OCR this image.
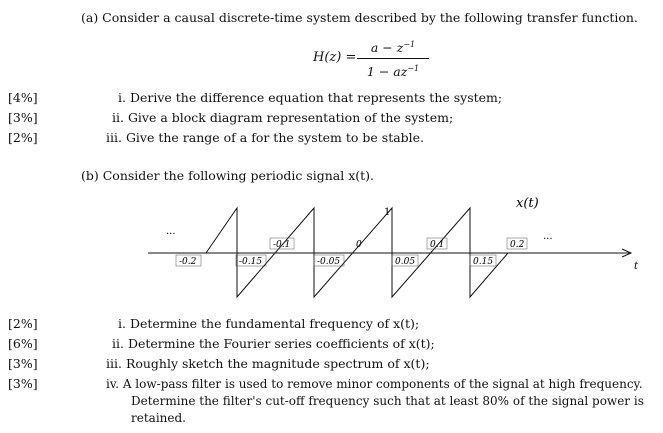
(a) Consider a causal discrete-time system described by the following transfer function.
H(z) =
$a - z^{-1}$
$1 - az^{-1}$
[4%]	i. Derive the difference equation that represents the system;
[3%]	ii. Give a block diagram representation of the system;
[2%]	iii. Give the range of a for the system to be stable.
(b) Consider the following periodic signal x(t).
t
-0.2	-0.15
-0.1
-0.05
0
0.05
0.1
0.15
0.2
1
x(t)
...	...
[2%]	i. Determine the fundamental frequency of x(t);
[6%]	ii. Determine the Fourier series coefficients of x(t);
[3%]	iii. Roughly sketch the magnitude spectrum of x(t);
[3%]	iv. A low-pass filter is used to remove minor components of the signal at high frequency.
Determine the filter's cut-off frequency such that at least 80% of the signal power is
retained.
